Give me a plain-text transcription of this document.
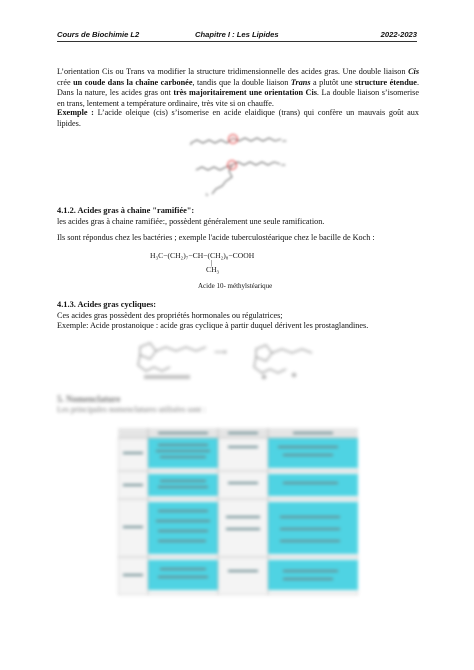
Cours de Biochimie L2	Chapitre I : Les Lipides	2022-2023
L’orientation Cis ou Trans va modifier la structure tridimensionnelle des acides gras. Une double liaison Cis crée un coude dans la chaîne carbonée, tandis que la double liaison Trans a plutôt une structure étendue. Dans la nature, les acides gras ont très majoritairement une orientation Cis. La double liaison s’isomerise en trans, lentement a température ordinaire, très vite si on chauffe.
Exemple : L’acide oleique (cis) s’isomerise en acide elaidique (trans) qui confère un mauvais goût aux lipides.
OH
OH
a
b
4.1.2. Acides gras à chaine "ramifiée":
les acides gras à chaine ramifiée:, possèdent généralement une seule ramification.
Ils sont répondus chez les bactéries ; exemple l'acide tuberculostéarique chez le bacille de Koch :
H₃C−(CH₂)₇−CH−(CH₂)₈−COOH
|
CH₃
Acide 10- méthylstéarique
4.1.3. Acides gras cycliques:
Ces acides gras possèdent des propriétés hormonales ou régulatrices;
Exemple: Acide prostanoique : acide gras cyclique à partir duquel dérivent les prostaglandines.
⟶
5. Nomenclature
Les principales nomenclatures utilisées sont :
